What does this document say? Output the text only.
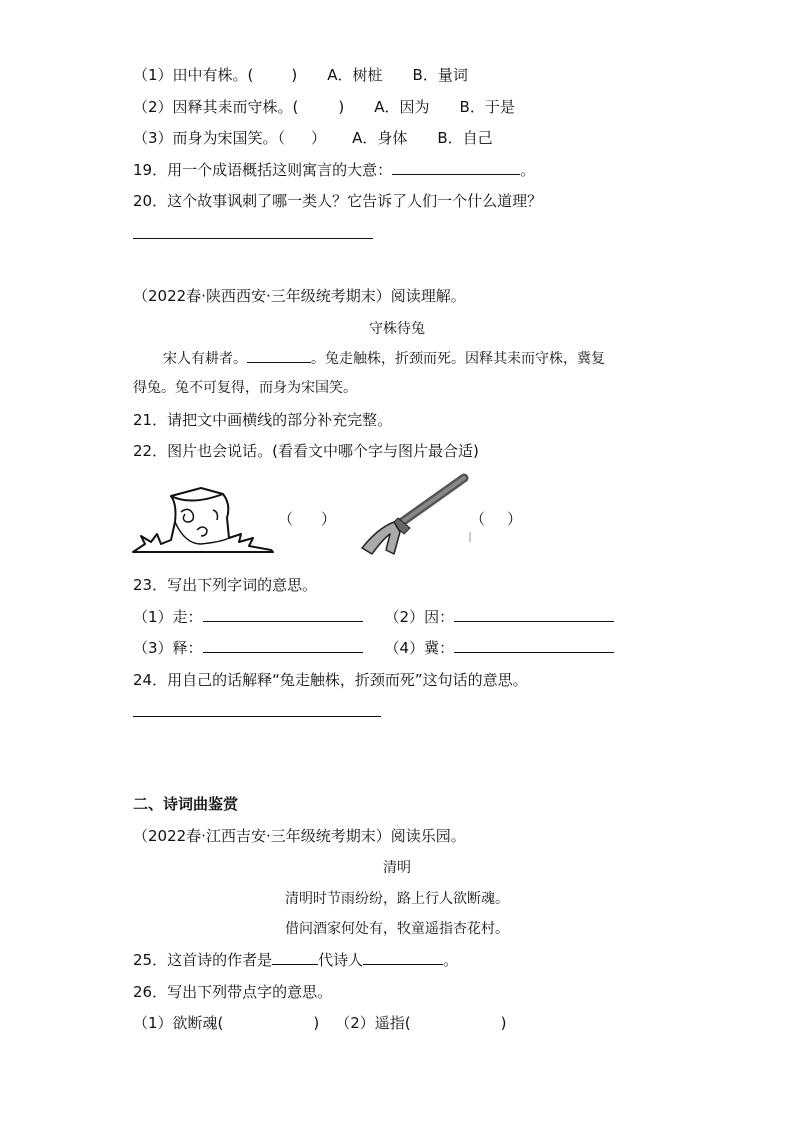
（1）田中有株。(	) A．树桩 B．量词
（2）因释其耒而守株。(	) A．因为 B．于是
（3）而身为宋国笑。（ ） A．身体 B．自己
19．用一个成语概括这则寓言的大意：	。
20．这个故事讽刺了哪一类人？它告诉了人们一个什么道理？
（2022春·陕西西安·三年级统考期末）阅读理解。
守株待兔
宋人有耕者。	。兔走触株，折颈而死。因释其耒而守株，冀复
得兔。兔不可复得，而身为宋国笑。
21．请把文中画横线的部分补充完整。
22．图片也会说话。(看看文中哪个字与图片最合适)
（ ）	（ ）
23．写出下列字词的意思。
（1）走：	（2）因：
（3）释：	（4）冀：
24．用自己的话解释“兔走触株，折颈而死”这句话的意思。
二、诗词曲鉴赏
（2022春·江西吉安·三年级统考期末）阅读乐园。
清明
清明时节雨纷纷，路上行人欲断魂。
借问酒家何处有，牧童遥指杏花村。
25．这首诗的作者是	代诗人	。
26．写出下列带点字的意思。
（1）欲断魂(	) （2）遥指(	)
